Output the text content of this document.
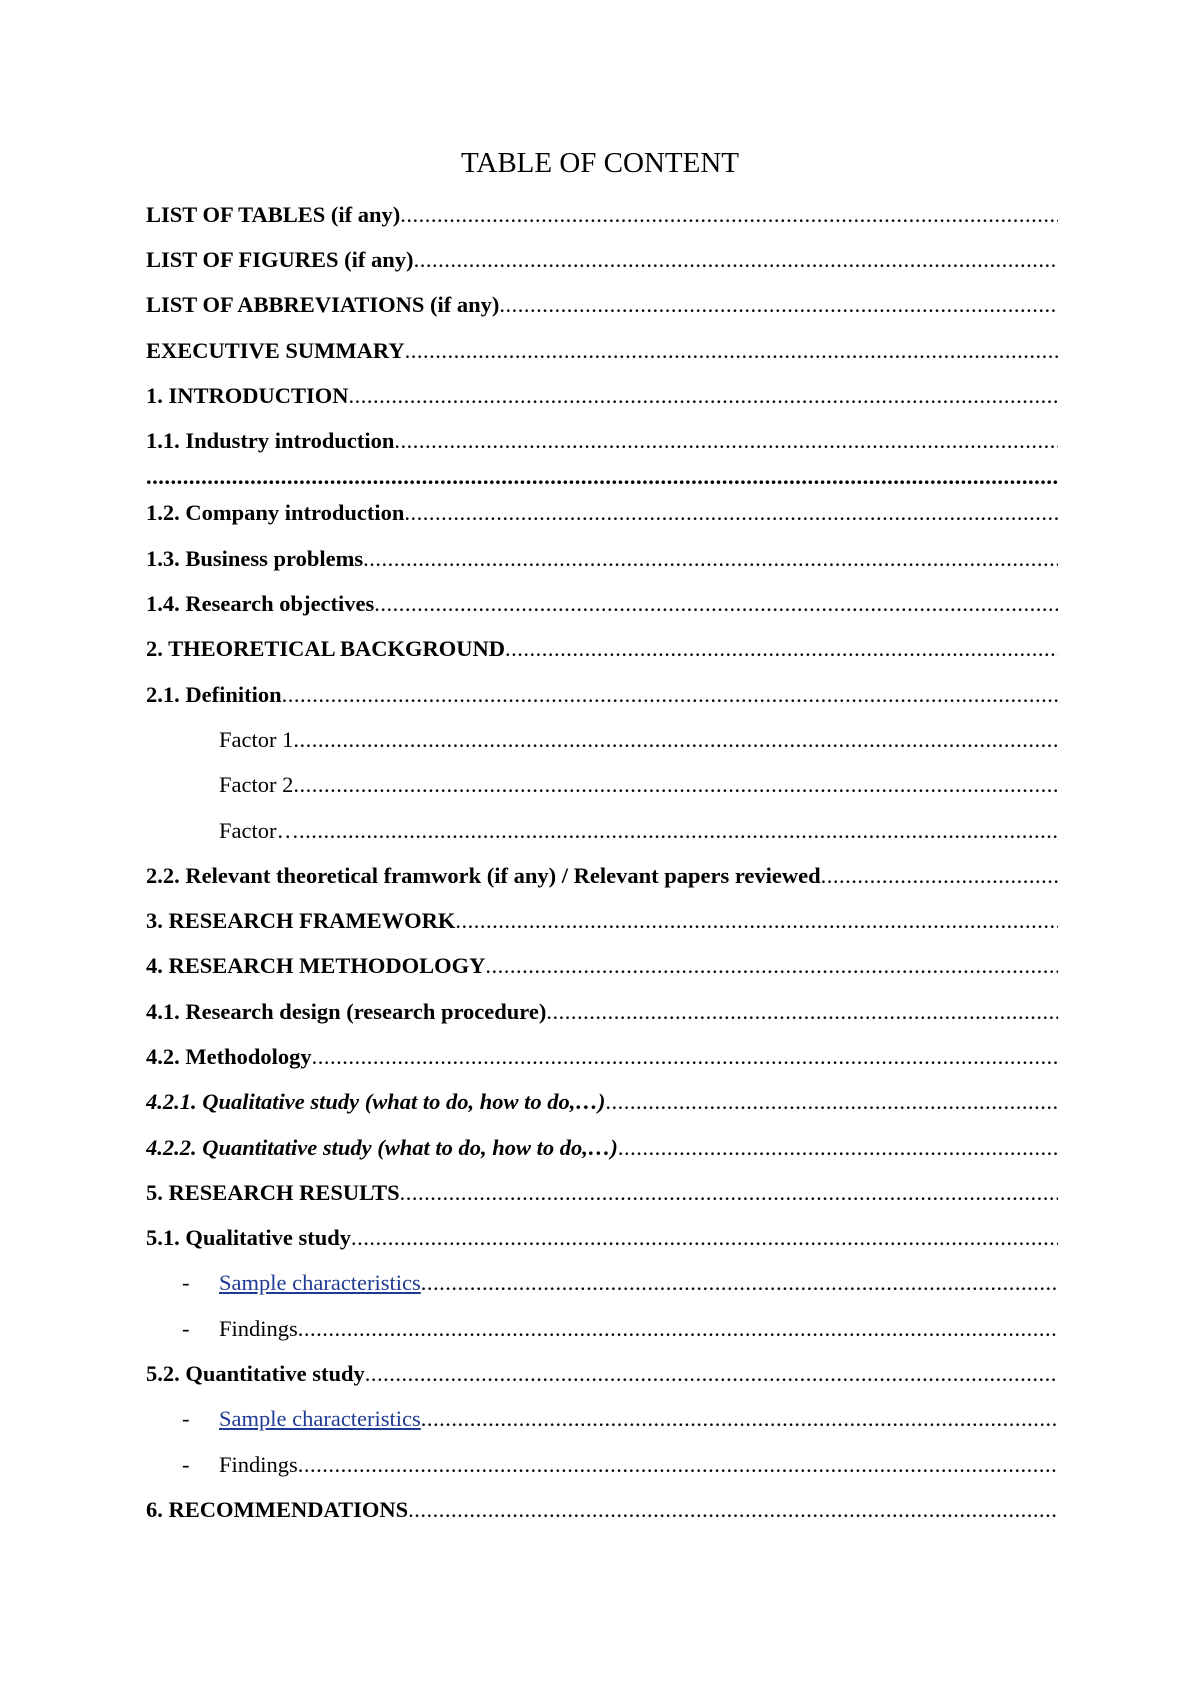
TABLE OF CONTENT
LIST OF TABLES (if any)
.....
LIST OF FIGURES (if any)
.....
LIST OF ABBREVIATIONS (if any)
.....
EXECUTIVE SUMMARY
.....
1. INTRODUCTION
.....
1.1. Industry introduction
.....
.....
1.2. Company introduction
.....
1.3. Business problems
.....
1.4. Research objectives
.....
2. THEORETICAL BACKGROUND
.....
2.1. Definition
.....
Factor 1
.....
Factor 2
.....
Factor…
.....
2.2. Relevant theoretical framwork (if any) / Relevant papers reviewed
.....
3. RESEARCH FRAMEWORK
.....
4. RESEARCH METHODOLOGY
.....
4.1. Research design (research procedure)
.....
4.2. Methodology
.....
4.2.1. Qualitative study (what to do, how to do,…)
.....
4.2.2. Quantitative study (what to do, how to do,…)
.....
5. RESEARCH RESULTS
.....
5.1. Qualitative study
.....
- Sample characteristics
.....
- Findings
.....
5.2. Quantitative study
.....
- Sample characteristics
.....
- Findings
.....
6. RECOMMENDATIONS
.....
